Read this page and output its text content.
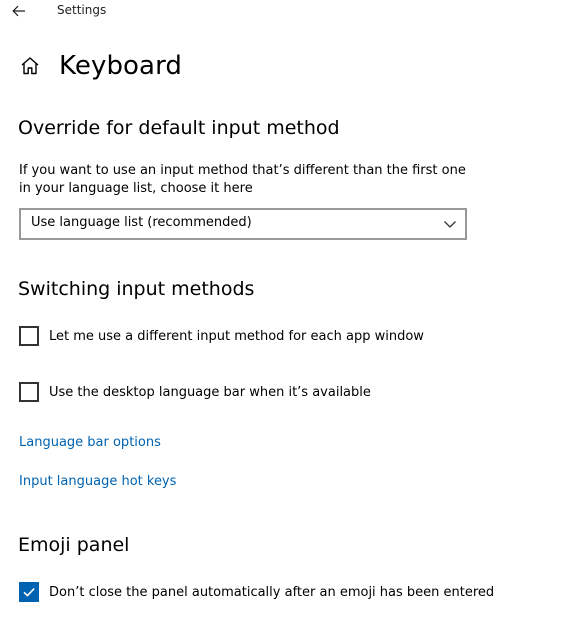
Settings
Keyboard
Override for default input method
If you want to use an input method that’s different than the first one in your language list, choose it here
Use language list (recommended)
Switching input methods
Let me use a different input method for each app window
Use the desktop language bar when it’s available
Language bar options
Input language hot keys
Emoji panel
Don’t close the panel automatically after an emoji has been entered
